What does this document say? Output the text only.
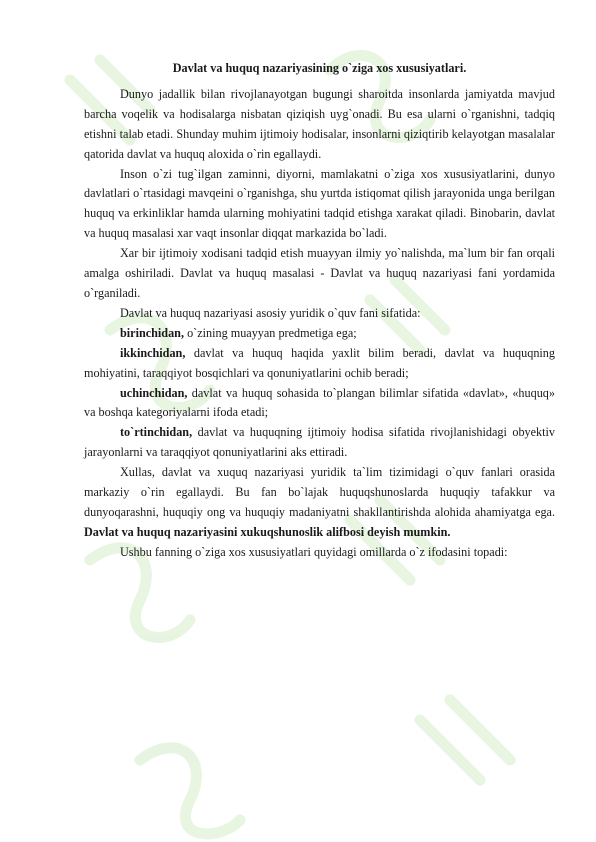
Davlat va huquq nazariyasining o`ziga xos xususiyatlari.

Dunyo jadallik bilan rivojlanayotgan bugungi sharoitda insonlarda jamiyatda mavjud barcha voqelik va hodisalarga nisbatan qiziqish uyg`onadi. Bu esa ularni o`rganishni, tadqiq etishni talab etadi. Shunday muhim ijtimoiy hodisalar, insonlarni qiziqtirib kelayotgan masalalar qatorida davlat va huquq aloxida o`rin egallaydi.

Inson o`zi tug`ilgan zaminni, diyorni, mamlakatni o`ziga xos xususiyatlarini, dunyo davlatlari o`rtasidagi mavqeini o`rganishga, shu yurtda istiqomat qilish jarayonida unga berilgan huquq va erkinliklar hamda ularning mohiyatini tadqid etishga xarakat qiladi. Binobarin, davlat va huquq masalasi xar vaqt insonlar diqqat markazida bo`ladi.

Xar bir ijtimoiy xodisani tadqid etish muayyan ilmiy yo`nalishda, ma`lum bir fan orqali amalga oshiriladi. Davlat va huquq masalasi - Davlat va huquq nazariyasi fani yordamida o`rganiladi.

Davlat va huquq nazariyasi asosiy yuridik o`quv fani sifatida:

birinchidan, o`zining muayyan predmetiga ega;

ikkinchidan, davlat va huquq haqida yaxlit bilim beradi, davlat va huquqning mohiyatini, taraqqiyot bosqichlari va qonuniyatlarini ochib beradi;

uchinchidan, davlat va huquq sohasida to`plangan bilimlar sifatida «davlat», «huquq» va boshqa kategoriyalarni ifoda etadi;

to`rtinchidan, davlat va huquqning ijtimoiy hodisa sifatida rivojlanishidagi obyektiv jarayonlarni va taraqqiyot qonuniyatlarini aks ettiradi.

Xullas, davlat va xuquq nazariyasi yuridik ta`lim tizimidagi o`quv fanlari orasida markaziy o`rin egallaydi. Bu fan bo`lajak huquqshunoslarda huquqiy tafakkur va dunyoqarashni, huquqiy ong va huquqiy madaniyatni shakllantirishda alohida ahamiyatga ega. Davlat va huquq nazariyasini xukuqshunoslik alifbosi deyish mumkin.

Ushbu fanning o`ziga xos xususiyatlari quyidagi omillarda o`z ifodasini topadi:
